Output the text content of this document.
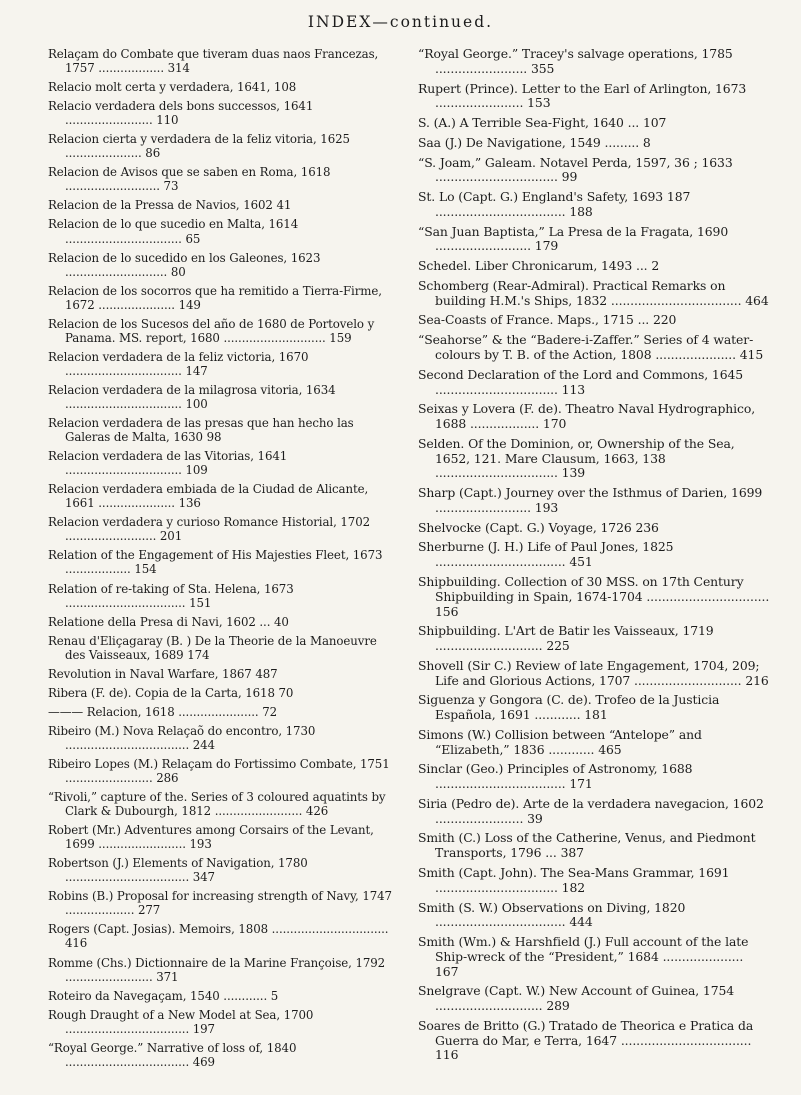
INDEX—continued.

Relaçam do Combate que tiveram duas naos Francezas, 1757 .................. 314

Relacio molt certa y verdadera, 1641, 108

Relacio verdadera dels bons successos, 1641 ........................ 110

Relacion cierta y verdadera de la feliz vitoria, 1625 ..................... 86

Relacion de Avisos que se saben en Roma, 1618 .......................... 73

Relacion de la Pressa de Navios, 1602 41

Relacion de lo que sucedio en Malta, 1614 ................................ 65

Relacion de lo sucedido en los Galeones, 1623 ............................ 80

Relacion de los socorros que ha remitido a Tierra-Firme, 1672 ..................... 149

Relacion de los Sucesos del año de 1680 de Portovelo y Panama. MS. report, 1680 ............................ 159

Relacion verdadera de la feliz victoria, 1670 ................................ 147

Relacion verdadera de la milagrosa vitoria, 1634 ................................ 100

Relacion verdadera de las presas que han hecho las Galeras de Malta, 1630 98

Relacion verdadera de las Vitorias, 1641 ................................ 109

Relacion verdadera embiada de la Ciudad de Alicante, 1661 ..................... 136

Relacion verdadera y curioso Romance Historial, 1702 ......................... 201

Relation of the Engagement of His Majesties Fleet, 1673 .................. 154

Relation of re-taking of Sta. Helena, 1673 ................................. 151

Relatione della Presa di Navi, 1602 ... 40

Renau d'Eliçagaray (B. ) De la Theorie de la Manoeuvre des Vaisseaux, 1689 174

Revolution in Naval Warfare, 1867 487

Ribera (F. de). Copia de la Carta, 1618 70

——— Relacion, 1618 ...................... 72

Ribeiro (M.) Nova Relaçaõ do encontro, 1730 .................................. 244

Ribeiro Lopes (M.) Relaçam do Fortissimo Combate, 1751 ........................ 286

“Rivoli,” capture of the. Series of 3 coloured aquatints by Clark & Dubourgh, 1812 ........................ 426

Robert (Mr.) Adventures among Corsairs of the Levant, 1699 ........................ 193

Robertson (J.) Elements of Navigation, 1780 .................................. 347

Robins (B.) Proposal for increasing strength of Navy, 1747 ................... 277

Rogers (Capt. Josias). Memoirs, 1808 ................................ 416

Romme (Chs.) Dictionnaire de la Marine Françoise, 1792 ........................ 371

Roteiro da Navegaçam, 1540 ............ 5

Rough Draught of a New Model at Sea, 1700 .................................. 197

“Royal George.” Narrative of loss of, 1840 .................................. 469

“Royal George.” Tracey's salvage operations, 1785 ........................ 355

Rupert (Prince). Letter to the Earl of Arlington, 1673 ....................... 153

S. (A.) A Terrible Sea-Fight, 1640 ... 107

Saa (J.) De Navigatione, 1549 ......... 8

“S. Joam,” Galeam. Notavel Perda, 1597, 36 ; 1633 ................................ 99

St. Lo (Capt. G.) England's Safety, 1693 187 .................................. 188

“San Juan Baptista,” La Presa de la Fragata, 1690 ......................... 179

Schedel. Liber Chronicarum, 1493 ... 2

Schomberg (Rear-Admiral). Practical Remarks on building H.M.'s Ships, 1832 .................................. 464

Sea-Coasts of France. Maps., 1715 ... 220

“Seahorse” & the “Badere-i-Zaffer.” Series of 4 water-colours by T. B. of the Action, 1808 ..................... 415

Second Declaration of the Lord and Commons, 1645 ................................ 113

Seixas y Lovera (F. de). Theatro Naval Hydrographico, 1688 .................. 170

Selden. Of the Dominion, or, Ownership of the Sea, 1652, 121. Mare Clausum, 1663, 138 ................................ 139

Sharp (Capt.) Journey over the Isthmus of Darien, 1699 ......................... 193

Shelvocke (Capt. G.) Voyage, 1726 236

Sherburne (J. H.) Life of Paul Jones, 1825 .................................. 451

Shipbuilding. Collection of 30 MSS. on 17th Century Shipbuilding in Spain, 1674-1704 ................................ 156

Shipbuilding. L'Art de Batir les Vaisseaux, 1719 ............................ 225

Shovell (Sir C.) Review of late Engagement, 1704, 209; Life and Glorious Actions, 1707 ............................ 216

Siguenza y Gongora (C. de). Trofeo de la Justicia Española, 1691 ............ 181

Simons (W.) Collision between “Antelope” and “Elizabeth,” 1836 ............ 465

Sinclar (Geo.) Principles of Astronomy, 1688 .................................. 171

Siria (Pedro de). Arte de la verdadera navegacion, 1602 ....................... 39

Smith (C.) Loss of the Catherine, Venus, and Piedmont Transports, 1796 ... 387

Smith (Capt. John). The Sea-Mans Grammar, 1691 ................................ 182

Smith (S. W.) Observations on Diving, 1820 .................................. 444

Smith (Wm.) & Harshfield (J.) Full account of the late Ship-wreck of the “President,” 1684 ..................... 167

Snelgrave (Capt. W.) New Account of Guinea, 1754 ............................ 289

Soares de Britto (G.) Tratado de Theorica e Pratica da Guerra do Mar, e Terra, 1647 .................................. 116
